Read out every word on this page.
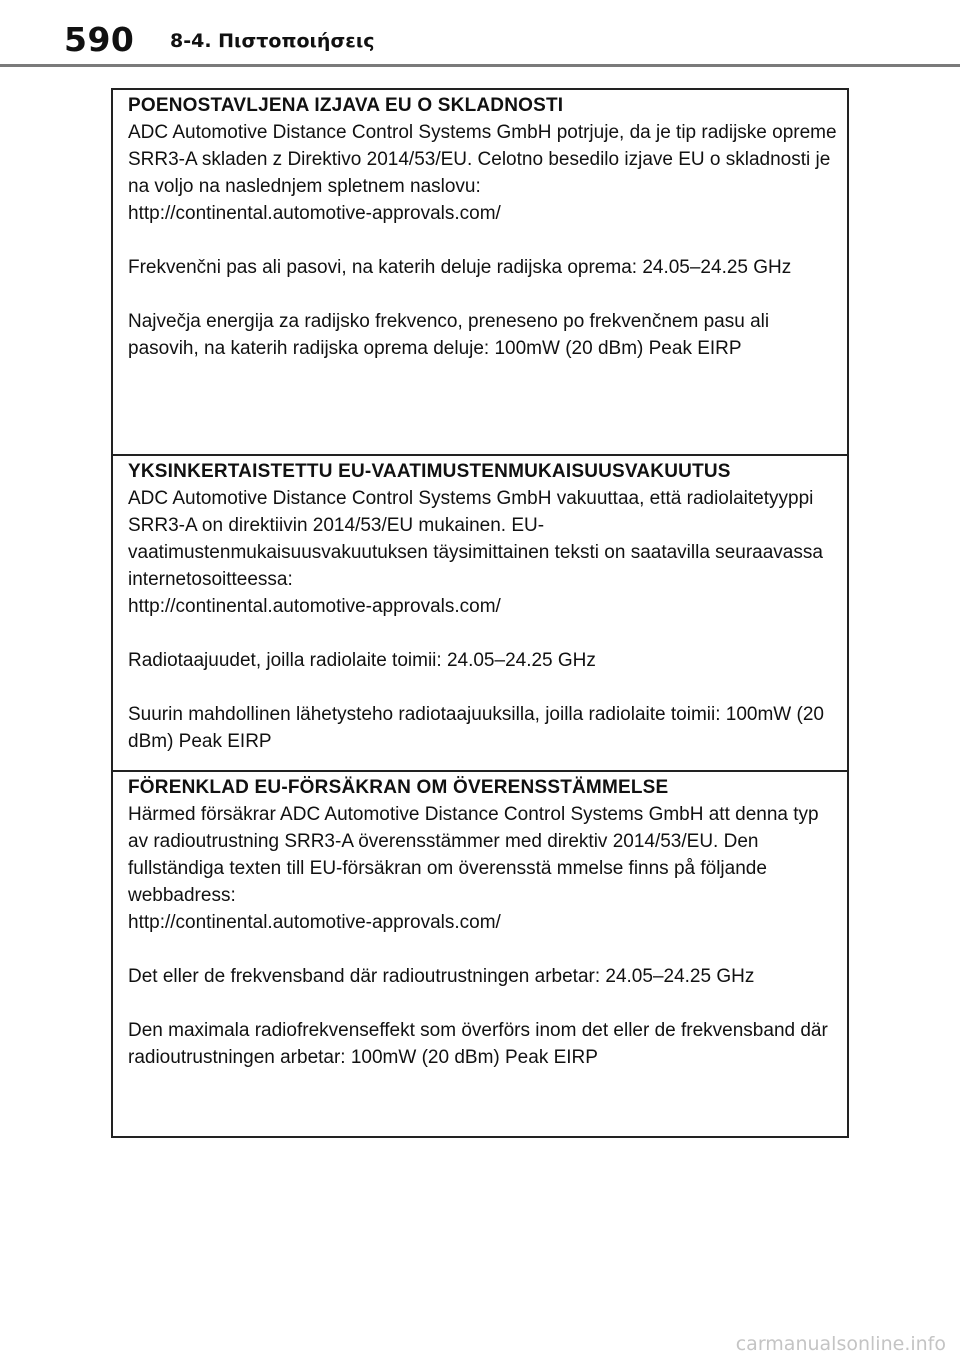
590 8-4. Πιστοποιήσεις
POENOSTAVLJENA IZJAVA EU O SKLADNOSTI

ADC Automotive Distance Control Systems GmbH potrjuje, da je tip radijske opreme SRR3-A skladen z Direktivo 2014/53/EU. Celotno besedilo izjave EU o skladnosti je na voljo na naslednjem spletnem naslovu:
http://continental.automotive-approvals.com/

Frekvenčni pas ali pasovi, na katerih deluje radijska oprema: 24.05–24.25 GHz

Največja energija za radijsko frekvenco, preneseno po frekvenčnem pasu ali pasovih, na katerih radijska oprema deluje: 100mW (20 dBm) Peak EIRP

YKSINKERTAISTETTU EU-VAATIMUSTENMUKAISUUSVAKUUTUS

ADC Automotive Distance Control Systems GmbH vakuuttaa, että radiolaitetyyppi SRR3-A on direktiivin 2014/53/EU mukainen. EU-vaatimustenmukaisuusvakuutuksen täysimittainen teksti on saatavilla seuraavassa internetosoitteessa:
http://continental.automotive-approvals.com/

Radiotaajuudet, joilla radiolaite toimii: 24.05–24.25 GHz

Suurin mahdollinen lähetysteho radiotaajuuksilla, joilla radiolaite toimii: 100mW (20 dBm) Peak EIRP

FÖRENKLAD EU-FÖRSÄKRAN OM ÖVERENSSTÄMMELSE

Härmed försäkrar ADC Automotive Distance Control Systems GmbH att denna typ av radioutrustning SRR3-A överensstämmer med direktiv 2014/53/EU. Den fullständiga texten till EU-försäkran om överensstä mmelse finns på följande webbadress:
http://continental.automotive-approvals.com/

Det eller de frekvensband där radioutrustningen arbetar: 24.05–24.25 GHz

Den maximala radiofrekvenseffekt som överförs inom det eller de frekvensband där radioutrustningen arbetar: 100mW (20 dBm) Peak EIRP

carmanualsonline.info
